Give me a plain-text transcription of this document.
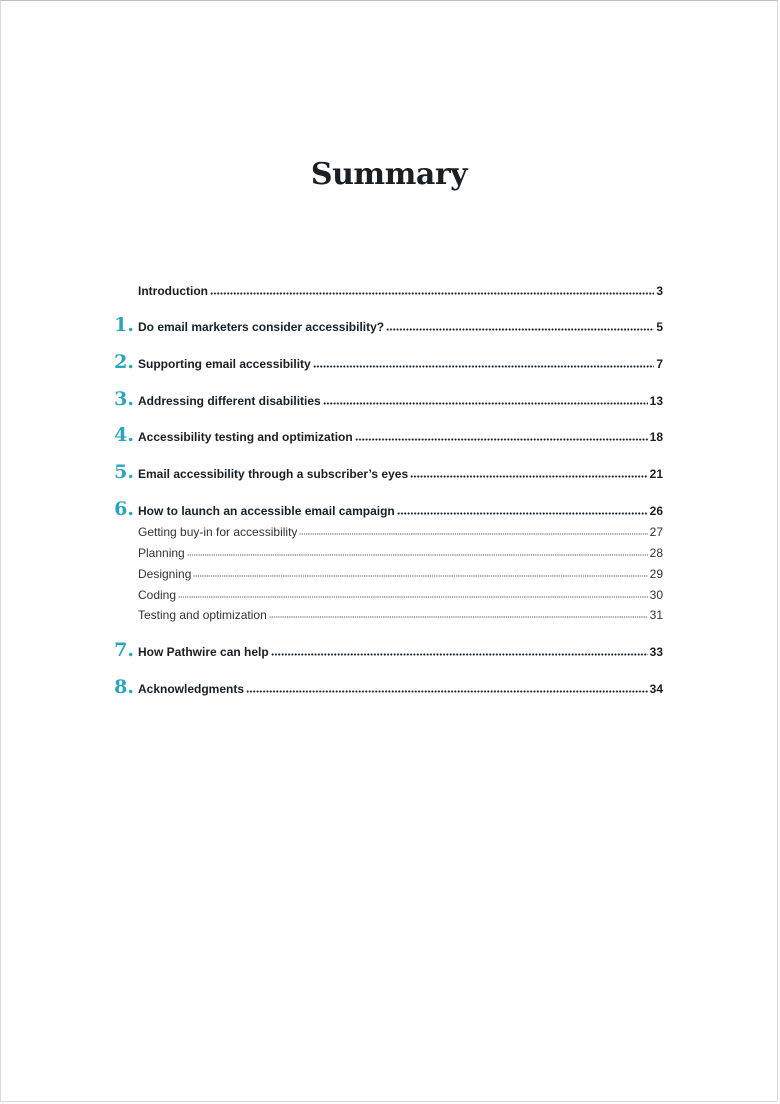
Summary
Introduction	3
1. Do email marketers consider accessibility?	5
2. Supporting email accessibility	7
3. Addressing different disabilities	13
4. Accessibility testing and optimization	18
5. Email accessibility through a subscriber’s eyes	21
6. How to launch an accessible email campaign	26
Getting buy-in for accessibility	27
Planning	28
Designing	29
Coding	30
Testing and optimization	31
7. How Pathwire can help	33
8. Acknowledgments	34
